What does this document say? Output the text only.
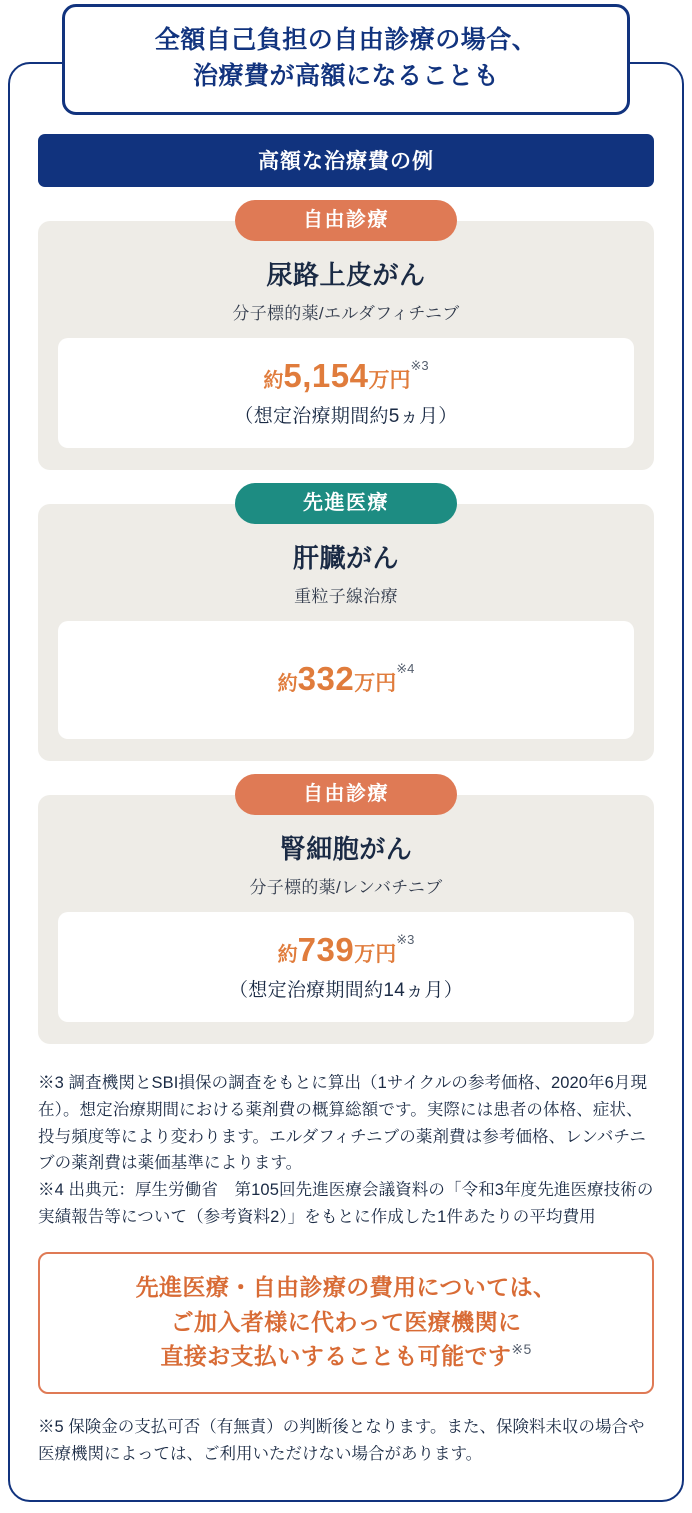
全額自己負担の自由診療の場合、
治療費が高額になることも
高額な治療費の例
自由診療
尿路上皮がん
分子標的薬/エルダフィチニブ
約5,154万円$^{※3}$
（想定治療期間約5ヵ月）
先進医療
肝臓がん
重粒子線治療
約332万円$^{※4}$
自由診療
腎細胞がん
分子標的薬/レンバチニブ
約739万円$^{※3}$
（想定治療期間約14ヵ月）

※3 調査機関とSBI損保の調査をもとに算出（1サイクルの参考価格、2020年6月現在）。想定治療期間における薬剤費の概算総額です。実際には患者の体格、症状、投与頻度等により変わります。エルダフィチニブの薬剤費は参考価格、レンバチニブの薬剤費は薬価基準によります。

※4 出典元：厚生労働省　第105回先進医療会議資料の「令和3年度先進医療技術の実績報告等について（参考資料2）」をもとに作成した1件あたりの平均費用

先進医療・自由診療の費用については、
ご加入者様に代わって医療機関に
直接お支払いすることも可能です$^{※5}$
※5 保険金の支払可否（有無責）の判断後となります。また、保険料未収の場合や医療機関によっては、ご利用いただけない場合があります。
